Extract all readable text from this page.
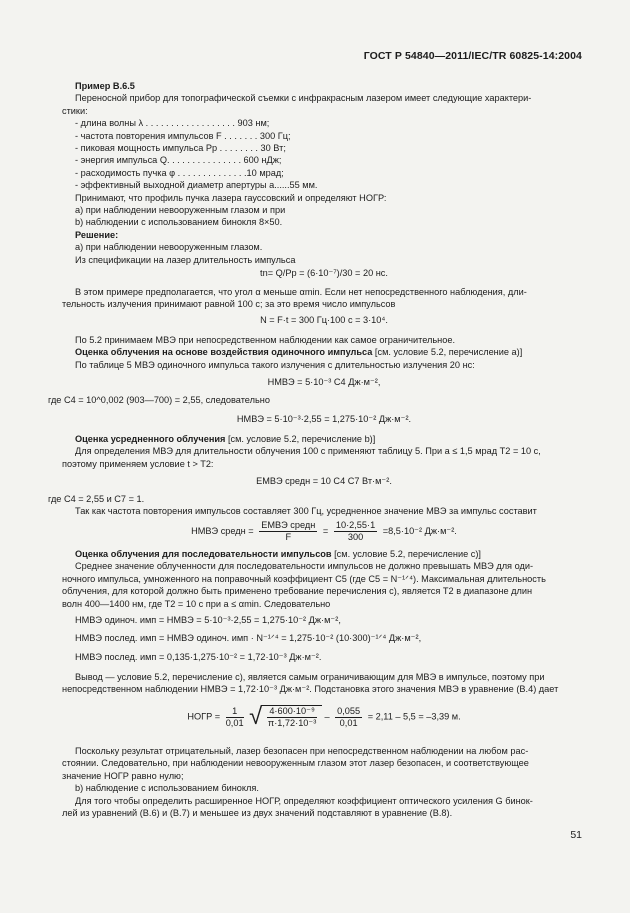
ГОСТ Р 54840—2011/IEC/TR 60825-14:2004
Пример В.6.5
Переносной прибор для топографической съемки с инфракрасным лазером имеет следующие характери-
стики:
- длина волны λ . . . . . . . . . . . . . . . . . . 903 нм;
- частота повторения импульсов F . . . . . . . 300 Гц;
- пиковая мощность импульса Pp . . . . . . . . 30 Вт;
- энергия импульса Q. . . . . . . . . . . . . . . 600 нДж;
- расходимость пучка φ . . . . . . . . . . . . . .10 мрад;
- эффективный выходной диаметр апертуры a......55 мм.
Принимают, что профиль пучка лазера гауссовский и определяют НОГР:
a) при наблюдении невооруженным глазом и при
b) наблюдении с использованием бинокля 8×50.
Решение:
a) при наблюдении невооруженным глазом.
Из спецификации на лазер длительность импульса
tn= Q/Pp = (6·10⁻⁷)/30 = 20 нс.
В этом примере предполагается, что угол α меньше αmin. Если нет непосредственного наблюдения, дли-
тельность излучения принимают равной 100 с; за это время число импульсов
N = F·t = 300 Гц·100 с = 3·10⁴.
По 5.2 принимаем МВЭ при непосредственном наблюдении как самое ограничительное.
Оценка облучения на основе воздействия одиночного импульса [см. условие 5.2, перечисление a)]
По таблице 5 МВЭ одиночного импульса такого излучения с длительностью излучения 20 нс:
HМВЭ = 5·10⁻³ C4 Дж·м⁻²,
где C4 = 10^0,002 (903—700) = 2,55, следовательно
HМВЭ = 5·10⁻³·2,55 = 1,275·10⁻² Дж·м⁻².
Оценка усредненного облучения [см. условие 5.2, перечисление b)]
Для определения МВЭ для длительности облучения 100 с применяют таблицу 5. При a ≤ 1,5 мрад T2 = 10 с,
поэтому применяем условие t > T2:
EМВЭ средн = 10 C4 C7 Вт·м⁻².
где C4 = 2,55 и C7 = 1.
Так как частота повторения импульсов составляет 300 Гц, усредненное значение МВЭ за импульс составит
HМВЭ средн = $\frac{\text{EМВЭ средн}}{F} = \frac{10\cdot 2,55\cdot 1}{300} =8,5\cdot 10^{-2}$ Дж·м⁻².
Оценка облучения для последовательности импульсов [см. условие 5.2, перечисление c)]
Среднее значение облученности для последовательности импульсов не должно превышать МВЭ для оди-
ночного импульса, умноженного на поправочный коэффициент C5 (где C5 = N⁻¹ᐟ⁴). Максимальная длительность
облучения, для которой должно быть применено требование перечисления c), является T2 в диапазоне длин
волн 400—1400 нм, где T2 = 10 с при a ≤ αmin. Следовательно
HМВЭ одиноч. имп = HМВЭ = 5·10⁻³·2,55 = 1,275·10⁻² Дж·м⁻²,
HМВЭ послед. имп = HМВЭ одиноч. имп · N⁻¹ᐟ⁴ = 1,275·10⁻² (10·300)⁻¹ᐟ⁴ Дж·м⁻²,
HМВЭ послед. имп = 0,135·1,275·10⁻² = 1,72·10⁻³ Дж·м⁻².
Вывод — условие 5.2, перечисление c), является самым ограничивающим для МВЭ в импульсе, поэтому при
непосредственном наблюдении HМВЭ = 1,72·10⁻³ Дж·м⁻². Подстановка этого значения МВЭ в уравнение (В.4) дает
НОГР = $\frac{1}{0,01}$ √ $\frac{\text{4·600·10⁻⁹}}{\text{π·1,72·10⁻³}} - \frac{0,055}{0,01} = 2,11 - 5,5 = -3,39$ м.
Поскольку результат отрицательный, лазер безопасен при непосредственном наблюдении на любом рас-
стоянии. Следовательно, при наблюдении невооруженным глазом этот лазер безопасен, и соответствующее
значение НОГР равно нулю;
b) наблюдение с использованием бинокля.
Для того чтобы определить расширенное НОГР, определяют коэффициент оптического усиления G бинок-
лей из уравнений (В.6) и (В.7) и меньшее из двух значений подставляют в уравнение (В.8).
51
